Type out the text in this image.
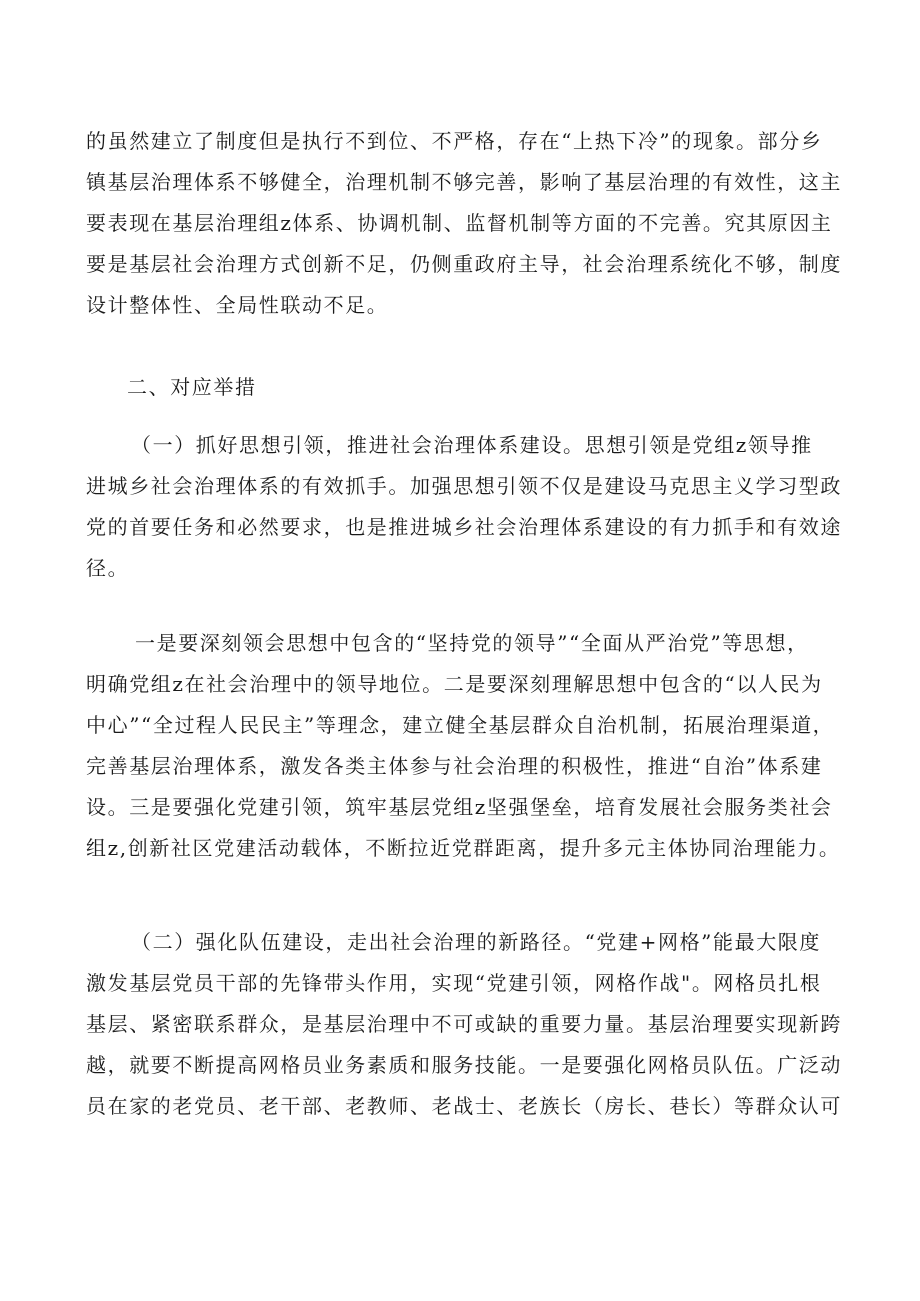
的虽然建立了制度但是执行不到位、不严格，存在“上热下冷”的现象。部分乡
镇基层治理体系不够健全，治理机制不够完善，影响了基层治理的有效性，这主
要表现在基层治理组z体系、协调机制、监督机制等方面的不完善。究其原因主
要是基层社会治理方式创新不足，仍侧重政府主导，社会治理系统化不够，制度
设计整体性、全局性联动不足。
二、对应举措
（一）抓好思想引领，推进社会治理体系建设。思想引领是党组z领导推
进城乡社会治理体系的有效抓手。加强思想引领不仅是建设马克思主义学习型政
党的首要任务和必然要求，也是推进城乡社会治理体系建设的有力抓手和有效途
径。
一是要深刻领会思想中包含的“坚持党的领导”“全面从严治党”等思想，
明确党组z在社会治理中的领导地位。二是要深刻理解思想中包含的“以人民为
中心”“全过程人民民主”等理念，建立健全基层群众自治机制，拓展治理渠道，
完善基层治理体系，激发各类主体参与社会治理的积极性，推进“自治”体系建
设。三是要强化党建引领，筑牢基层党组z坚强堡垒，培育发展社会服务类社会
组z,创新社区党建活动载体，不断拉近党群距离，提升多元主体协同治理能力。
（二）强化队伍建设，走出社会治理的新路径。“党建+网格”能最大限度
激发基层党员干部的先锋带头作用，实现“党建引领，网格作战"。网格员扎根
基层、紧密联系群众，是基层治理中不可或缺的重要力量。基层治理要实现新跨
越，就要不断提高网格员业务素质和服务技能。一是要强化网格员队伍。广泛动
员在家的老党员、老干部、老教师、老战士、老族长（房长、巷长）等群众认可
